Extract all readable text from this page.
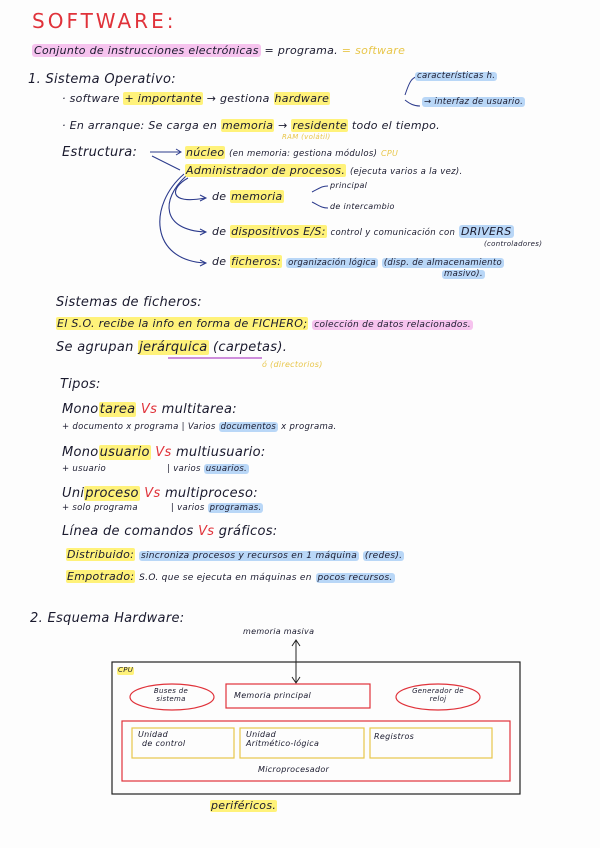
SOFTWARE:
Conjunto de instrucciones electrónicas = programa. = software
1. Sistema Operativo:	características h.
· software + importante → gestiona hardware	→ interfaz de usuario.
· En arranque: Se carga en memoria → residente todo el tiempo.
RAM (volátil)
Estructura:	núcleo (en memoria: gestiona módulos) CPU
Administrador de procesos. (ejecuta varios a la vez).
de memoria
principal
de intercambio
de dispositivos E/S: control y comunicación con DRIVERS
(controladores)
de ficheros: organización lógica (disp. de almacenamiento
masivo).
Sistemas de ficheros:
El S.O. recibe la info en forma de FICHERO; colección de datos relacionados.
Se agrupan jerárquica (carpetas).
ó (directorios)
Tipos:
Monotarea Vs multitarea:
+ documento x programa | Varios documentos x programa.
Monousuario Vs multiusuario:
+ usuario	| varios usuarios.
Uniproceso Vs multiproceso:
+ solo programa	| varios programas.
Línea de comandos Vs gráficos:
Distribuido: sincroniza procesos y recursos en 1 máquina (redes).
Empotrado: S.O. que se ejecuta en máquinas en pocos recursos.
2. Esquema Hardware:
memoria masiva
CPU
Buses de
sistema	Memoria principal	Generador de
reloj
Unidad
de control
Unidad
Aritmético-lógica
Registros
Microprocesador
periféricos.
